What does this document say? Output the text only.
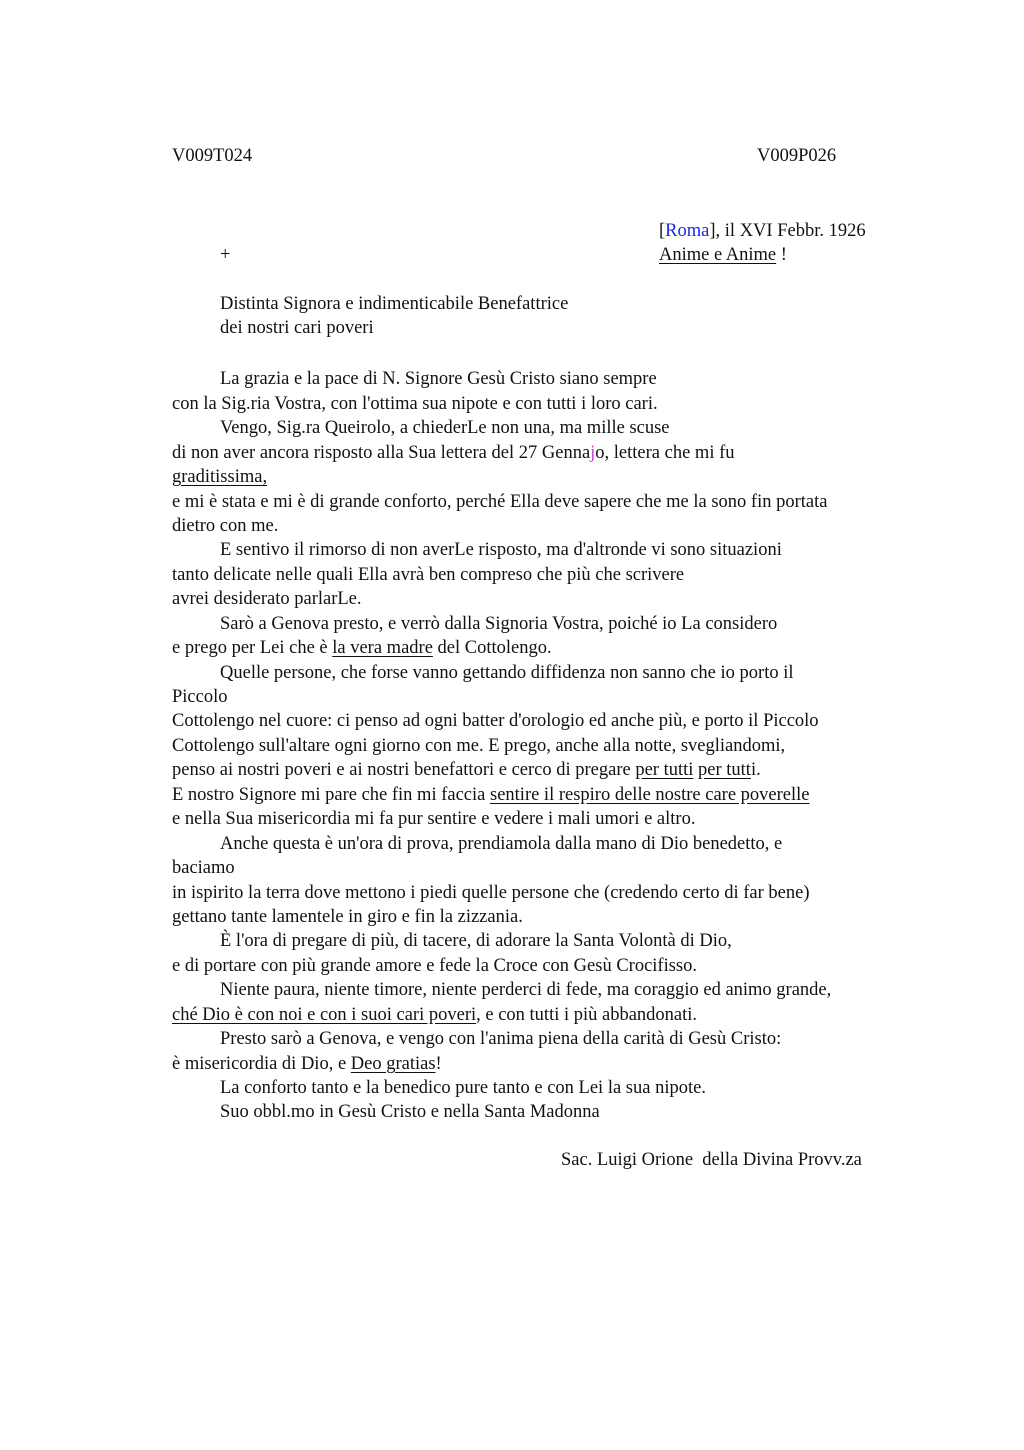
V009T024	V009P026
[Roma], il XVI Febbr. 1926
Anime e Anime !
+
Distinta Signora e indimenticabile Benefattrice
dei nostri cari poveri
La grazia e la pace di N. Signore Gesù Cristo siano sempre
con la Sig.ria Vostra, con l'ottima sua nipote e con tutti i loro cari.
Vengo, Sig.ra Queirolo, a chiederLe non una, ma mille scuse
di non aver ancora risposto alla Sua lettera del 27 Gennajo, lettera che mi fu
graditissima,
e mi è stata e mi è di grande conforto, perché Ella deve sapere che me la sono fin portata
dietro con me.
E sentivo il rimorso di non averLe risposto, ma d'altronde vi sono situazioni
tanto delicate nelle quali Ella avrà ben compreso che più che scrivere
avrei desiderato parlarLe.
Sarò a Genova presto, e verrò dalla Signoria Vostra, poiché io La considero
e prego per Lei che è la vera madre del Cottolengo.
Quelle persone, che forse vanno gettando diffidenza non sanno che io porto il
Piccolo
Cottolengo nel cuore: ci penso ad ogni batter d'orologio ed anche più, e porto il Piccolo
Cottolengo sull'altare ogni giorno con me. E prego, anche alla notte, svegliandomi,
penso ai nostri poveri e ai nostri benefattori e cerco di pregare per tutti per tutti.
E nostro Signore mi pare che fin mi faccia sentire il respiro delle nostre care poverelle
e nella Sua misericordia mi fa pur sentire e vedere i mali umori e altro.
Anche questa è un'ora di prova, prendiamola dalla mano di Dio benedetto, e
baciamo
in ispirito la terra dove mettono i piedi quelle persone che (credendo certo di far bene)
gettano tante lamentele in giro e fin la zizzania.
È l'ora di pregare di più, di tacere, di adorare la Santa Volontà di Dio,
e di portare con più grande amore e fede la Croce con Gesù Crocifisso.
Niente paura, niente timore, niente perderci di fede, ma coraggio ed animo grande,
ché Dio è con noi e con i suoi cari poveri, e con tutti i più abbandonati.
Presto sarò a Genova, e vengo con l'anima piena della carità di Gesù Cristo:
è misericordia di Dio, e Deo gratias!
La conforto tanto e la benedico pure tanto e con Lei la sua nipote.
Suo obbl.mo in Gesù Cristo e nella Santa Madonna
Sac. Luigi Orione  della Divina Provv.za
